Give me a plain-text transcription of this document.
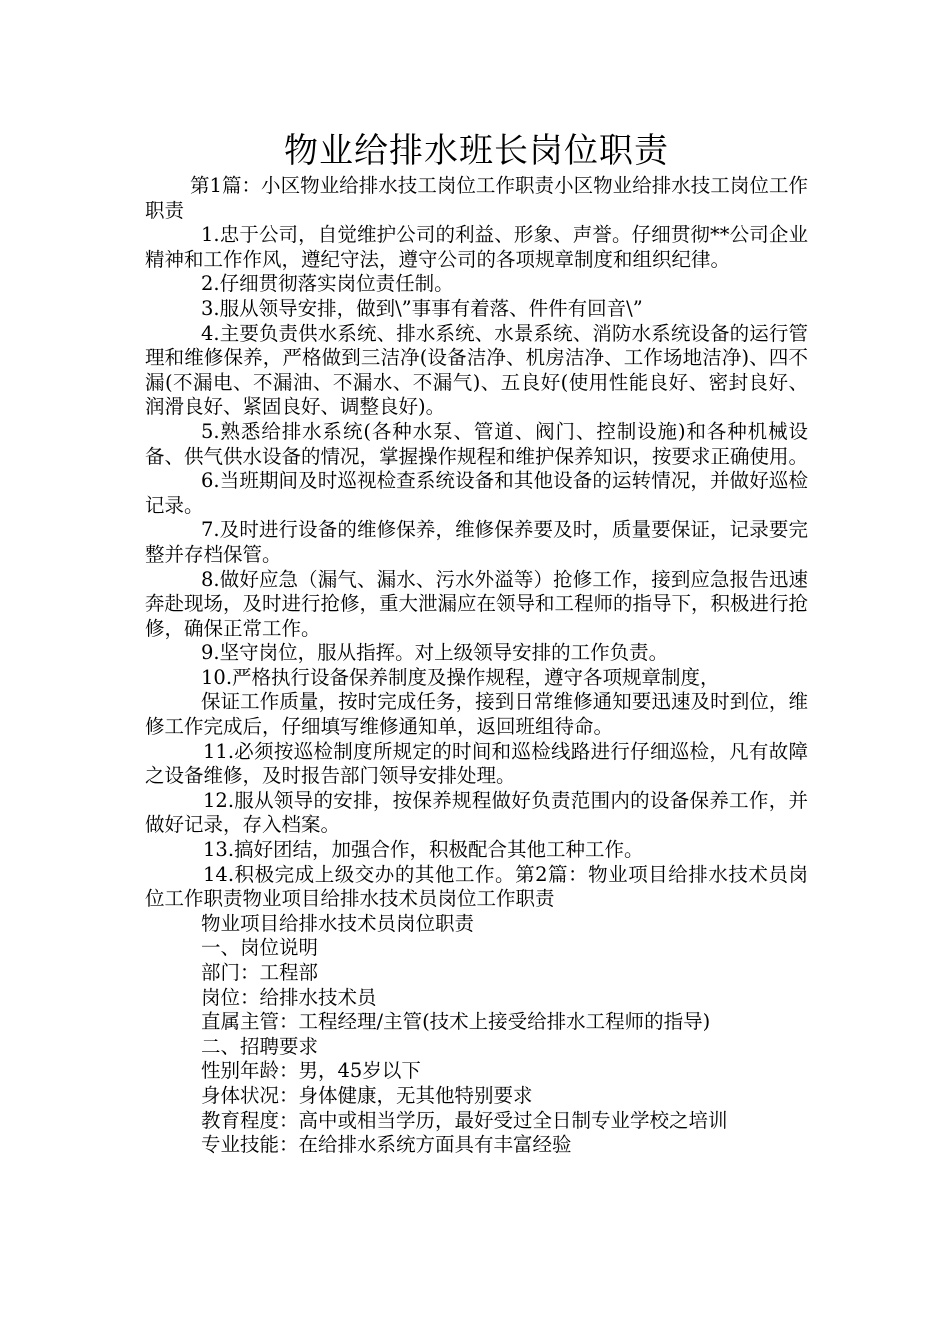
物业给排水班长岗位职责

第1篇：小区物业给排水技工岗位工作职责小区物业给排水技工岗位工作职责

1.忠于公司，自觉维护公司的利益、形象、声誉。仔细贯彻**公司企业精神和工作作风，遵纪守法，遵守公司的各项规章制度和组织纪律。

2.仔细贯彻落实岗位责任制。

3.服从领导安排，做到\”事事有着落、件件有回音\”

4.主要负责供水系统、排水系统、水景系统、消防水系统设备的运行管理和维修保养，严格做到三洁净(设备洁净、机房洁净、工作场地洁净)、四不漏(不漏电、不漏油、不漏水、不漏气)、五良好(使用性能良好、密封良好、润滑良好、紧固良好、调整良好)。

5.熟悉给排水系统(各种水泵、管道、阀门、控制设施)和各种机械设备、供气供水设备的情况，掌握操作规程和维护保养知识，按要求正确使用。

6.当班期间及时巡视检查系统设备和其他设备的运转情况，并做好巡检记录。

7.及时进行设备的维修保养，维修保养要及时，质量要保证，记录要完整并存档保管。

8.做好应急（漏气、漏水、污水外溢等）抢修工作，接到应急报告迅速奔赴现场，及时进行抢修，重大泄漏应在领导和工程师的指导下，积极进行抢修，确保正常工作。

9.坚守岗位，服从指挥。对上级领导安排的工作负责。

10.严格执行设备保养制度及操作规程，遵守各项规章制度，

保证工作质量，按时完成任务，接到日常维修通知要迅速及时到位，维修工作完成后，仔细填写维修通知单，返回班组待命。

11.必须按巡检制度所规定的时间和巡检线路进行仔细巡检，凡有故障之设备维修，及时报告部门领导安排处理。

12.服从领导的安排，按保养规程做好负责范围内的设备保养工作，并做好记录，存入档案。

13.搞好团结，加强合作，积极配合其他工种工作。

14.积极完成上级交办的其他工作。第2篇：物业项目给排水技术员岗位工作职责物业项目给排水技术员岗位工作职责

物业项目给排水技术员岗位职责

一、岗位说明

部门：工程部

岗位：给排水技术员

直属主管：工程经理/主管(技术上接受给排水工程师的指导)

二、招聘要求

性别年龄：男，45岁以下

身体状况：身体健康，无其他特别要求

教育程度：高中或相当学历，最好受过全日制专业学校之培训

专业技能：在给排水系统方面具有丰富经验
